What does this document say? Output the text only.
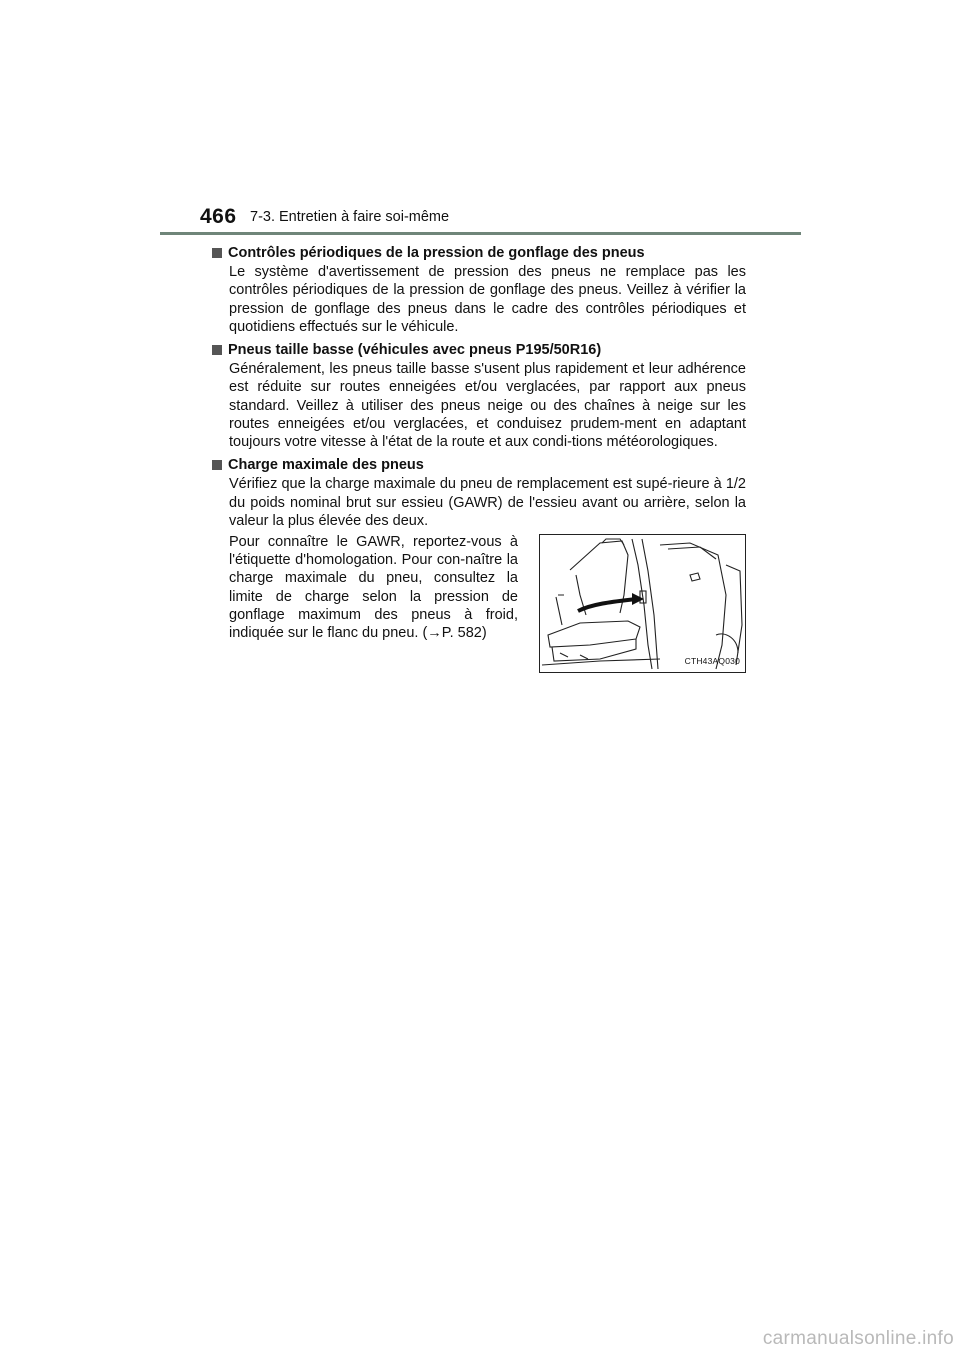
466 7-3. Entretien à faire soi-même
Contrôles périodiques de la pression de gonflage des pneus
Le système d'avertissement de pression des pneus ne remplace pas les contrôles périodiques de la pression de gonflage des pneus. Veillez à vérifier la pression de gonflage des pneus dans le cadre des contrôles périodiques et quotidiens effectués sur le véhicule.
Pneus taille basse (véhicules avec pneus P195/50R16)
Généralement, les pneus taille basse s'usent plus rapidement et leur adhérence est réduite sur routes enneigées et/ou verglacées, par rapport aux pneus standard. Veillez à utiliser des pneus neige ou des chaînes à neige sur les routes enneigées et/ou verglacées, et conduisez prudem-ment en adaptant toujours votre vitesse à l'état de la route et aux condi-tions météorologiques.
Charge maximale des pneus
Vérifiez que la charge maximale du pneu de remplacement est supé-rieure à 1/2 du poids nominal brut sur essieu (GAWR) de l'essieu avant ou arrière, selon la valeur la plus élevée des deux.
Pour connaître le GAWR, reportez-vous à l'étiquette d'homologation. Pour con-naître la charge maximale du pneu, consultez la limite de charge selon la pression de gonflage maximum des pneus à froid, indiquée sur le flanc du pneu. (→P. 582)
CTH43AQ030
carmanualsonline.info
